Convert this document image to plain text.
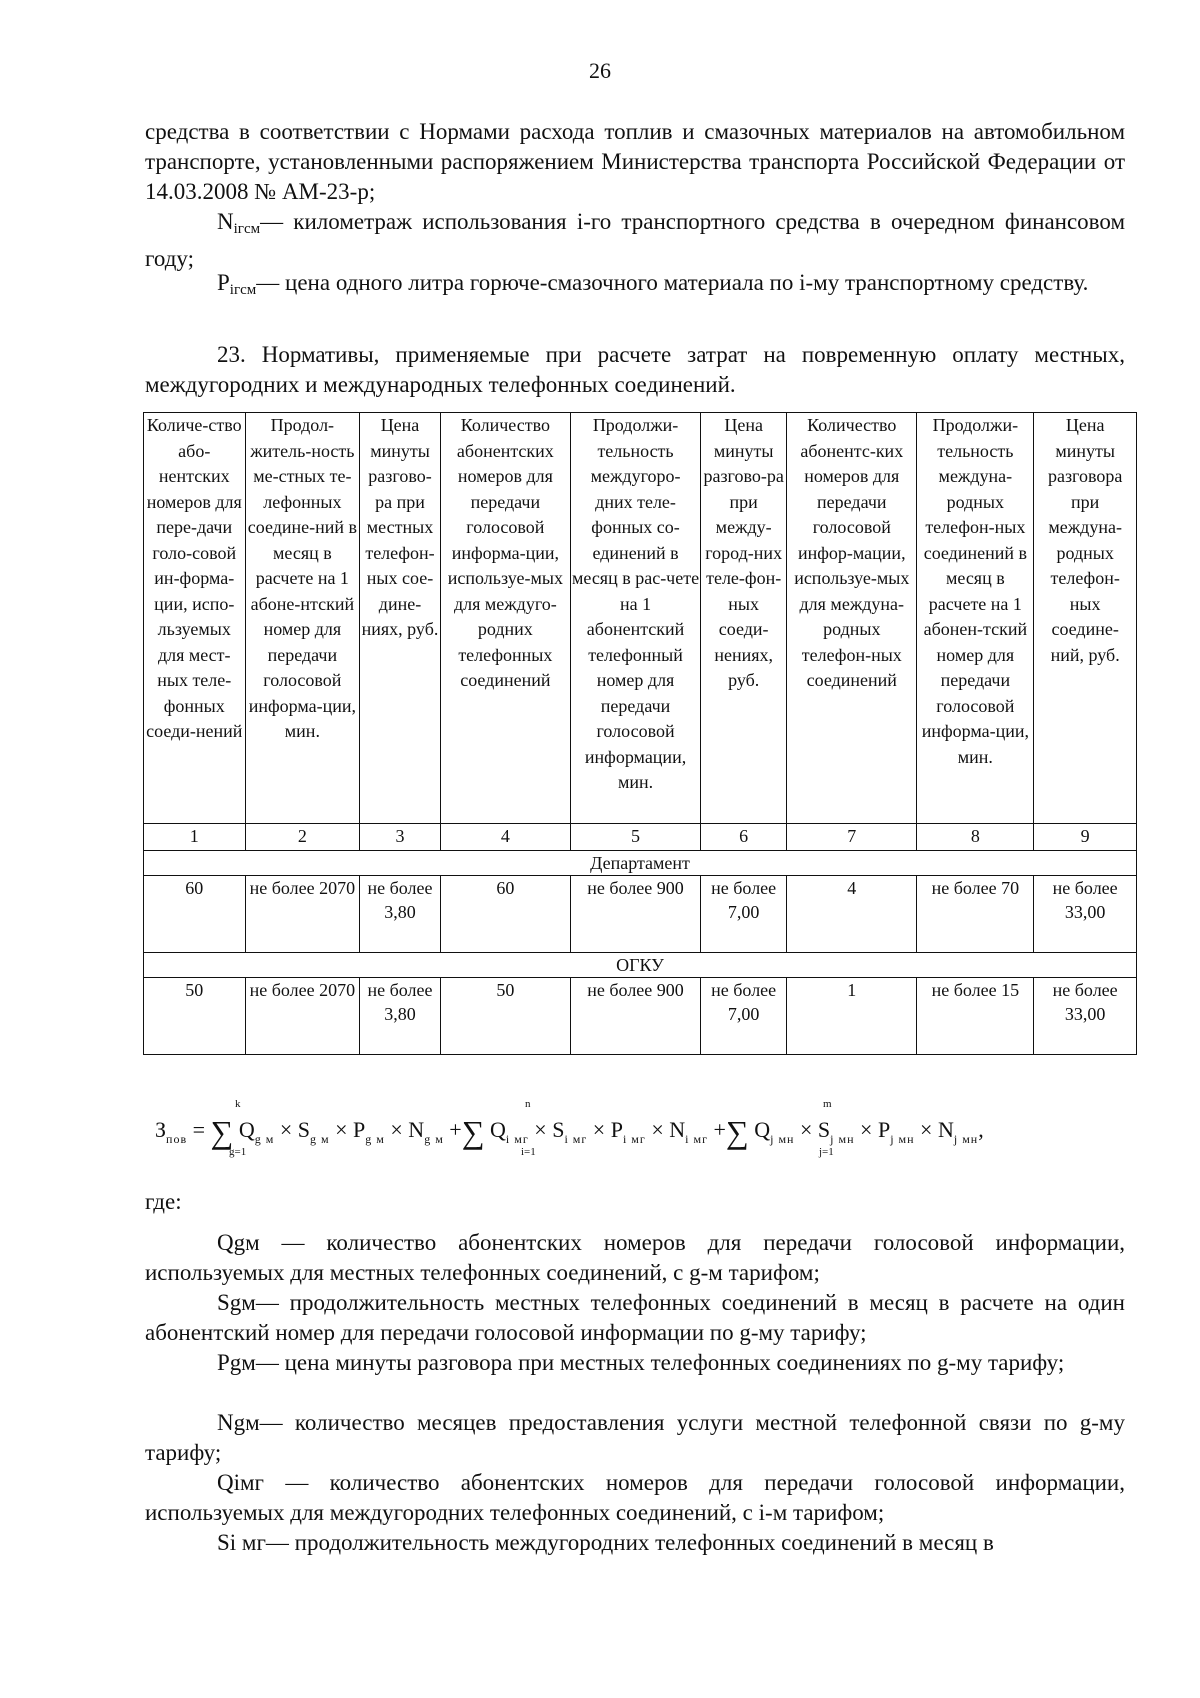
26
средства в соответствии с Нормами расхода топлив и смазочных материалов на автомобильном транспорте, установленными распоряжением Министерства транспорта Российской Федерации от 14.03.2008 № АМ-23-р;
$N_{iгсм}—$ километраж использования i-го транспортного средства в очередном финансовом году;
$P_{iгсм}—$ цена одного литра горюче-смазочного материала по i-му транспортному средству.
23. Нормативы, применяемые при расчете затрат на повременную оплату местных, междугородних и международных телефонных соединений.
Количе-ство або-нентских номеров для пере-дачи голо-совой ин-форма-ции, испо-льзуемых для мест-ных теле-фонных соеди-нений	Продол-житель-ность ме-стных те-лефонных соедине-ний в месяц в расчете на 1 абоне-нтский номер для передачи голосовой информа-ции, мин.	Цена минуты разгово-ра при местных телефон-ных сое-дине-ниях, руб.	Количество абонентских номеров для передачи голосовой информа-ции, используе-мых для междуго-родних телефонных соединений	Продолжи-тельность междугоро-дних теле-фонных со-единений в месяц в рас-чете на 1 абонентский телефонный номер для передачи голосовой информации, мин.	Цена минуты разгово-ра при между-город-них теле-фон-ных соеди-нениях, руб.	Количество абонентс-ких номеров для передачи голосовой инфор-мации, используе-мых для междуна-родных телефон-ных соединений	Продолжи-тельность междуна-родных телефон-ных соединений в месяц в расчете на 1 абонен-тский номер для передачи голосовой информа-ции, мин.	Цена минуты разговора при междуна-родных телефон-ных соедине-ний, руб.
1	2	3	4	5	6	7	8	9
Департамент								
60	не более 2070	не более 3,80	60	не более 900	не более 7,00	4	не более 70	не более 33,00
ОГКУ								
50	не более 2070	не более 3,80	50	не более 900	не более 7,00	1	не более 15	не более 33,00
k
g=1
n
i=1
m
j=1
$З_{пов}$ = ∑ $Q_{g м} \times S_{g м} \times P_{g м} \times N_{g м}$ +∑ $Q_{i мг} \times S_{i мг} \times P_{i мг} \times N_{i мг}$ +∑ $Q_{j мн} \times S_{j мн} \times P_{j мн} \times N_{j мн}$,
где:
Qgм — количество абонентских номеров для передачи голосовой информации, используемых для местных телефонных соединений, с g-м тарифом;
Sgм— продолжительность местных телефонных соединений в месяц в расчете на один абонентский номер для передачи голосовой информации по g-му тарифу;
Pgм— цена минуты разговора при местных телефонных соединениях по g-му тарифу;
Ngм— количество месяцев предоставления услуги местной телефонной связи по g-му тарифу;
Qiмг — количество абонентских номеров для передачи голосовой информации, используемых для междугородних телефонных соединений, с i-м тарифом;
Si мг— продолжительность междугородних телефонных соединений в месяц в
